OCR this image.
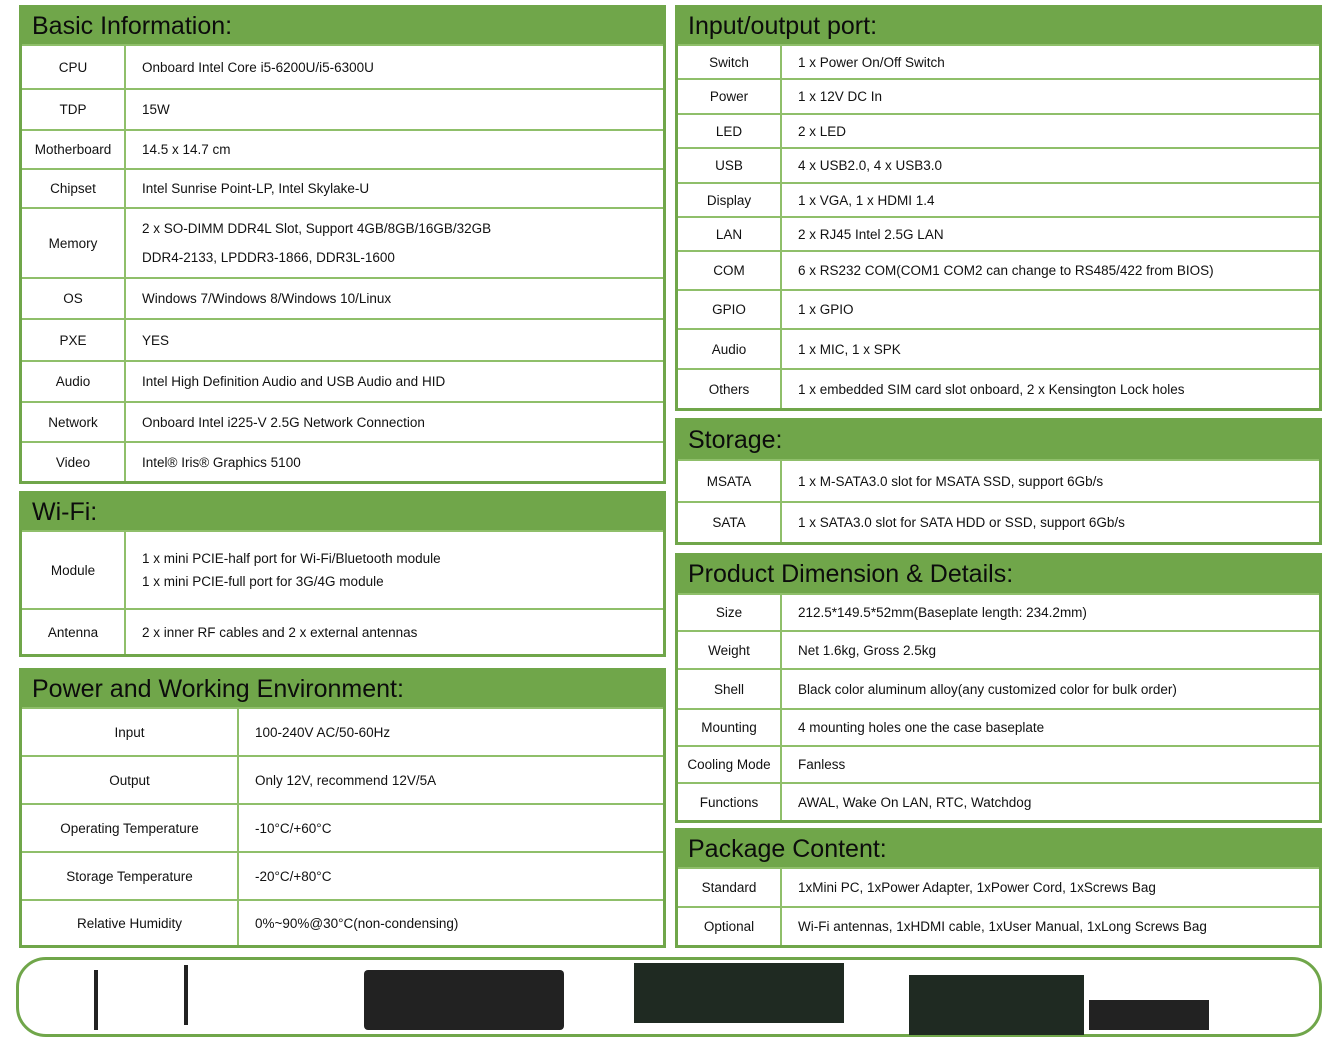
Basic Information:
CPU	Onboard Intel Core i5-6200U/i5-6300U

TDP	15W

Motherboard	14.5 x 14.7 cm

Chipset	Intel Sunrise Point-LP, Intel Skylake-U

Memory	2 x SO-DIMM DDR4L Slot, Support 4GB/8GB/16GB/32GB
DDR4-2133, LPDDR3-1866, DDR3L-1600

OS	Windows 7/Windows 8/Windows 10/Linux

PXE	YES

Audio	Intel High Definition Audio and USB Audio and HID

Network	Onboard Intel i225-V 2.5G Network Connection

Video	Intel® Iris® Graphics 5100
Wi-Fi:
Module	1 x mini PCIE-half port for Wi-Fi/Bluetooth module
1 x mini PCIE-full port for 3G/4G module

Antenna	2 x inner RF cables and 2 x external antennas
Power and Working Environment:
Input	100-240V AC/50-60Hz

Output	Only 12V, recommend 12V/5A

Operating Temperature	-10°C/+60°C

Storage Temperature	-20°C/+80°C

Relative Humidity	0%~90%@30°C(non-condensing)
Input/output port:
Switch	1 x Power On/Off Switch

Power	1 x 12V DC In

LED	2 x LED

USB	4 x USB2.0, 4 x USB3.0

Display	1 x VGA, 1 x HDMI 1.4

LAN	2 x RJ45 Intel 2.5G LAN

COM	6 x RS232 COM(COM1 COM2 can change to RS485/422 from BIOS)

GPIO	1 x GPIO

Audio	1 x MIC, 1 x SPK

Others	1 x embedded SIM card slot onboard, 2 x Kensington Lock holes
Storage:
MSATA	1 x M-SATA3.0 slot for MSATA SSD, support 6Gb/s

SATA	1 x SATA3.0 slot for SATA HDD or SSD, support 6Gb/s
Product Dimension & Details:
Size	212.5*149.5*52mm(Baseplate length: 234.2mm)

Weight	Net 1.6kg, Gross 2.5kg

Shell	Black color aluminum alloy(any customized color for bulk order)

Mounting	4 mounting holes one the case baseplate

Cooling Mode	Fanless

Functions	AWAL, Wake On LAN, RTC, Watchdog
Package Content:
Standard	1xMini PC, 1xPower Adapter, 1xPower Cord, 1xScrews Bag

Optional	Wi-Fi antennas, 1xHDMI cable, 1xUser Manual, 1xLong Screws Bag
